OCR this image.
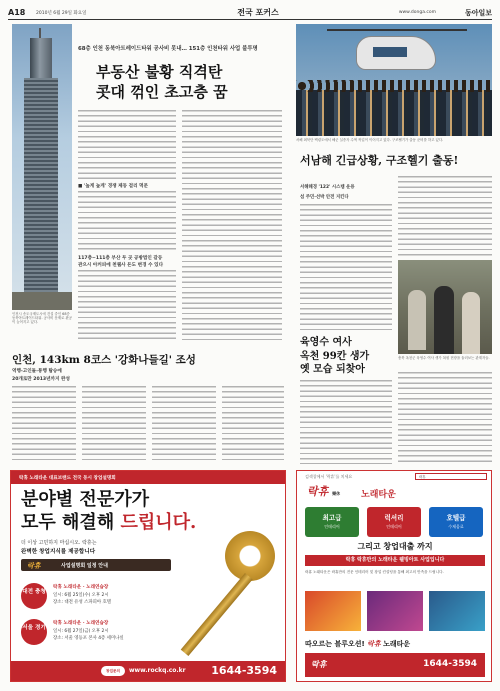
A18 2010년 6월 29일 화요일	전국 포커스	www.donga.com	동아일보
인천시 송도국제도시에 건설 중인 68층 동북아트레이드타워. 공사비 문제로 완공이 늦어지고 있다.
68층 인천 동북아트레이드타워 공사비 못내… 151층 인천타워 사업 불투명
부동산 불황 직격탄
콧대 꺾인 초고층 꿈
■ '높게 높게' 경쟁 제동 걸리 먹문
117층~111층 부산 두 곳 공방법인 갈등
관으시 아커피에 천웹사 돈도 변경 수 있다
인천, 143km 8코스 '강화나들길' 조성
역행-고인돌-통행 탐승에
20개로만 2013년까지 완성
서해 최북단 백령도에서 해군 실종자 수색 작업이 이어지고 있다. 구조헬기가 출동 준비를 하고 있다.
서남해 긴급상황, 구조헬기 출동!
서해해경 '122' 시스템 운용
섬 주민·선박 안전 지킨다
육영수 여사
옥천 99칸 생가
옛 모습 되찾아
충북 옥천군 육영수 여사 생가 복원 현장을 둘러보는 관계자들.
락휴 노래타운 대표브랜드 전국 동시 창업설명회
분야별 전문가가
모두 해결해 드립니다.
더 이상 고민하지 마십시오. 락휴는
완벽한 창업지식를 제공합니다
락휴	사업설명회 일정 안내
대전 충청
락휴 노래타운 · 노래연습장
일시: 6월 25일(수) 오후 2시
장소: 대전 유성 스파피아 호텔
서울 경기
락휴 노래타운 · 노래연습장
일시: 6월 27일(금) 오후 2시
장소: 서울 영등포 본사 4층 세미나실
창업문의	www.rockq.co.kr 1644-3594
검색창에서 '락휴'를 치세요	락휴
락휴 樂休 노래타운
최고급
인테리어
럭셔리
인테리어
호텔급
수제음료
그리고 창업대출 까지
락휴 락휴만의 노래타운 웰빙아트 사업입니다
락휴 노래타운은 락휴만의 전문 인테리어 및 창업 컨설팅을 통해 최고의 만족을 드립니다.
따오르는 블루오션! 락휴 노래타운
락휴	1644-3594
